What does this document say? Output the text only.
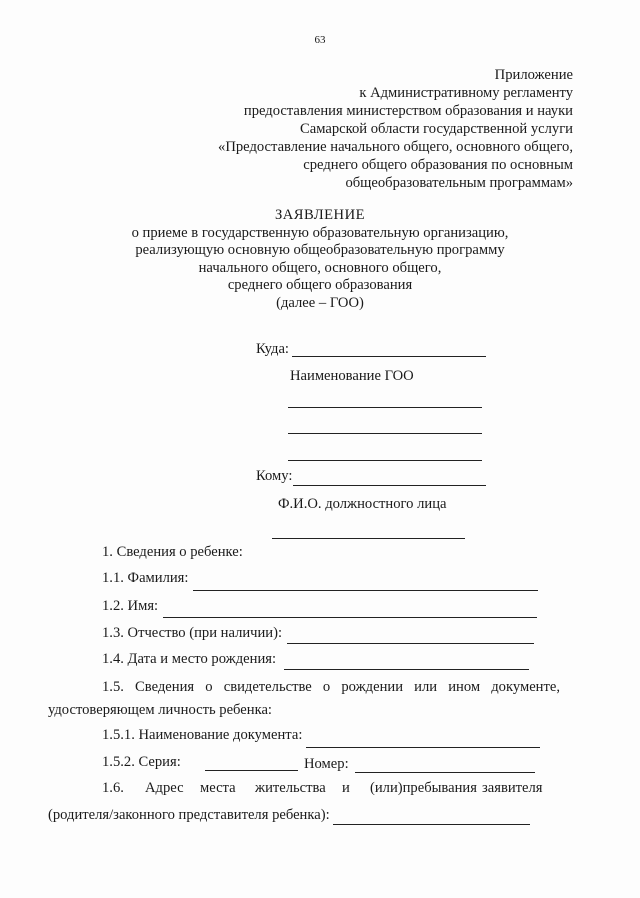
63
Приложение
к Административному регламенту
предоставления министерством образования и науки
Самарской области государственной услуги
«Предоставление начального общего, основного общего,
среднего общего образования по основным
общеобразовательным программам»
ЗАЯВЛЕНИЕ
о приеме в государственную образовательную организацию,
реализующую основную общеобразовательную программу
начального общего, основного общего,
среднего общего образования
(далее – ГОО)
Куда:
Наименование ГОО
Кому:
Ф.И.О. должностного лица
1. Сведения о ребенке:
1.1. Фамилия:
1.2. Имя:
1.3. Отчество (при наличии):
1.4. Дата и место рождения:
1.5. Сведения о свидетельстве о рождении или ином документе,
удостоверяющем личность ребенка:
1.5.1. Наименование документа:
1.5.2. Серия:	Номер:
1.6. Адрес места жительства и (или)пребывания заявителя
(родителя/законного представителя ребенка):
